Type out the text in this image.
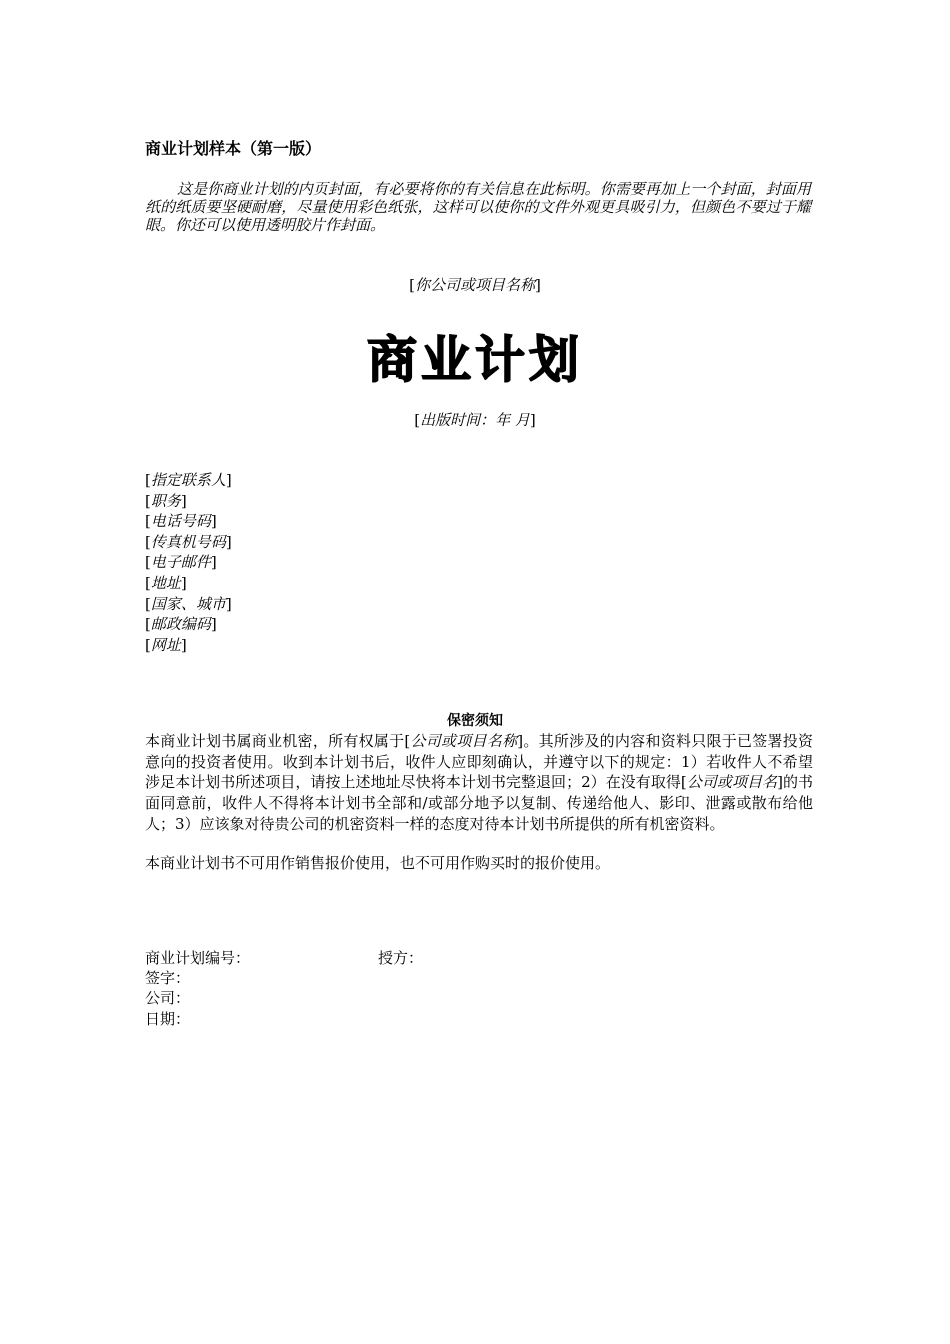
商业计划样本（第一版）
这是你商业计划的内页封面，有必要将你的有关信息在此标明。你需要再加上一个封面，封面用纸的纸质要坚硬耐磨，尽量使用彩色纸张，这样可以使你的文件外观更具吸引力，但颜色不要过于耀眼。你还可以使用透明胶片作封面。
[你公司或项目名称]
商业计划
[出版时间：年 月]
[指定联系人]
[职务]
[电话号码]
[传真机号码]
[电子邮件]
[地址]
[国家、城市]
[邮政编码]
[网址]
保密须知

本商业计划书属商业机密，所有权属于[公司或项目名称]。其所涉及的内容和资料只限于已签署投资意向的投资者使用。收到本计划书后，收件人应即刻确认，并遵守以下的规定：1）若收件人不希望涉足本计划书所述项目，请按上述地址尽快将本计划书完整退回；2）在没有取得[公司或项目名]的书面同意前，收件人不得将本计划书全部和/或部分地予以复制、传递给他人、影印、泄露或散布给他人；3）应该象对待贵公司的机密资料一样的态度对待本计划书所提供的所有机密资料。

本商业计划书不可用作销售报价使用，也不可用作购买时的报价使用。

商业计划编号：	授方：
签字：
公司：
日期：
